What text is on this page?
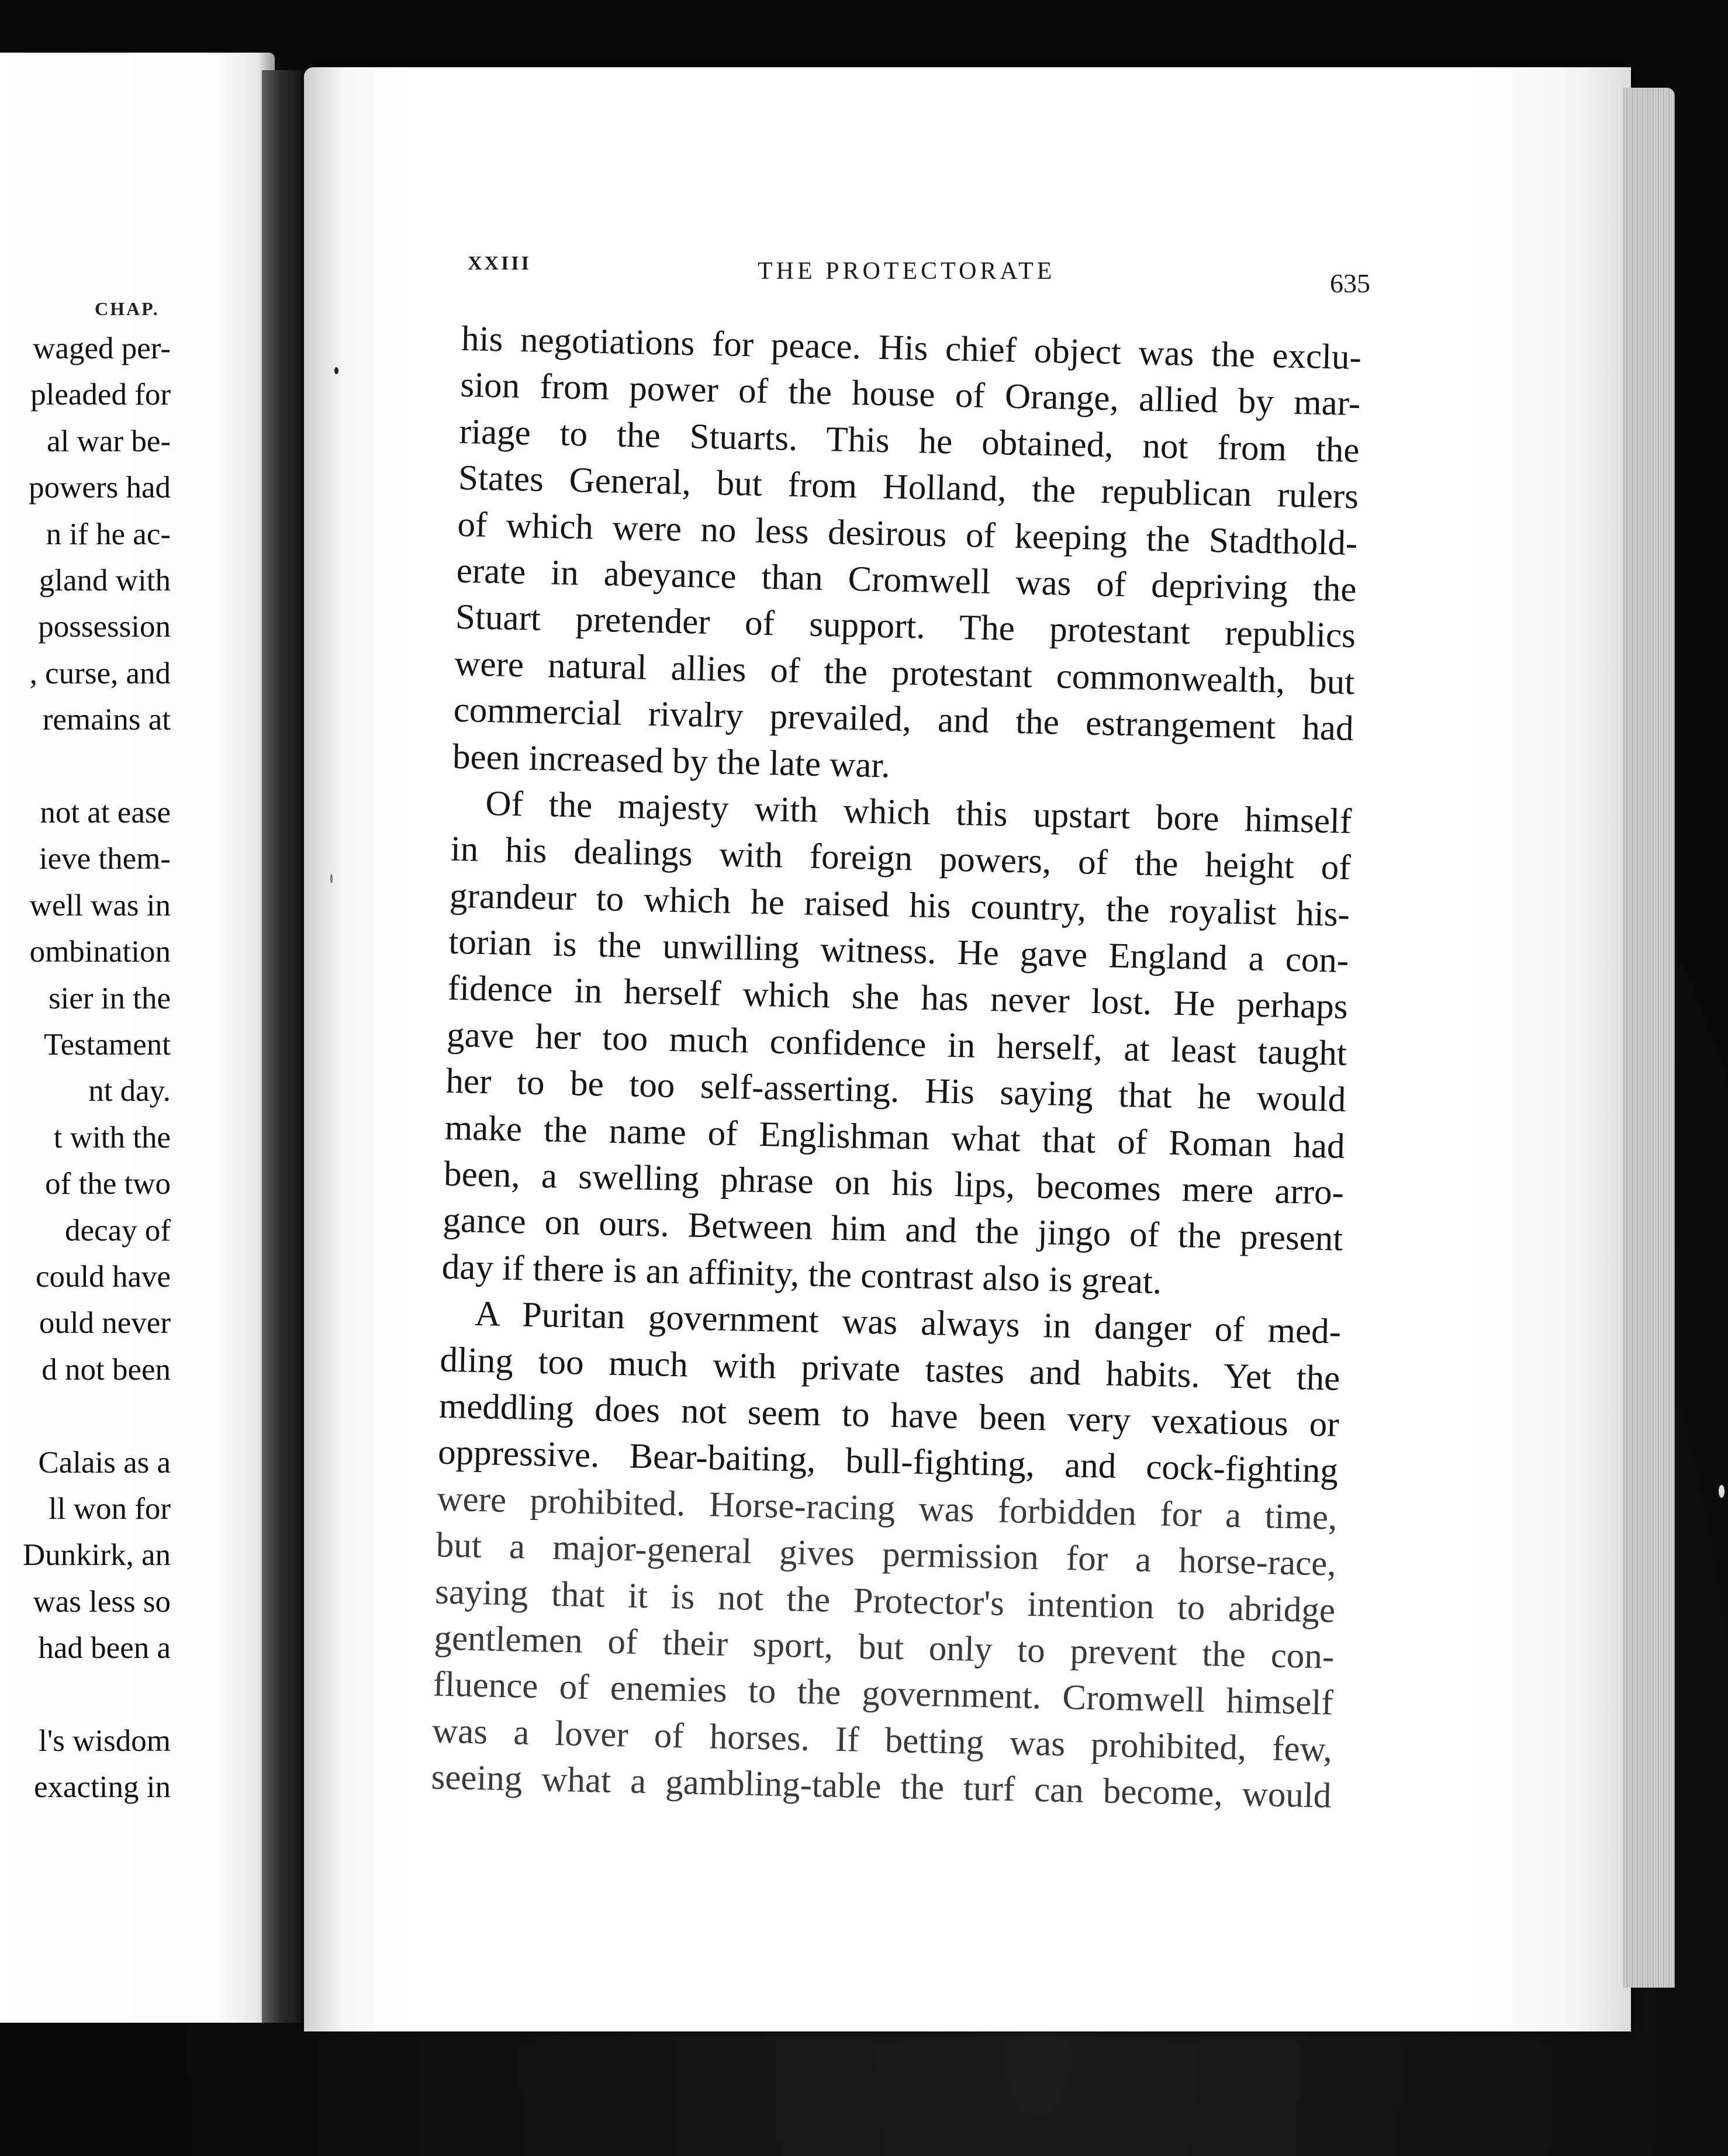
CHAP.
waged per-
pleaded for
al war be-
powers had
n if he ac-
gland with
possession
, curse, and
remains at
not at ease
ieve them-
well was in
ombination
sier in the
Testament
nt day.
t with the
of the two
decay of
could have
ould never
d not been
Calais as a
ll won for
Dunkirk, an
was less so
had been a
l's wisdom
exacting in
XXIII	THE PROTECTORATE	635
his negotiations for peace. His chief object was the exclu-
sion from power of the house of Orange, allied by mar-
riage to the Stuarts. This he obtained, not from the
States General, but from Holland, the republican rulers
of which were no less desirous of keeping the Stadthold-
erate in abeyance than Cromwell was of depriving the
Stuart pretender of support. The protestant republics
were natural allies of the protestant commonwealth, but
commercial rivalry prevailed, and the estrangement had
been increased by the late war.
Of the majesty with which this upstart bore himself
in his dealings with foreign powers, of the height of
grandeur to which he raised his country, the royalist his-
torian is the unwilling witness. He gave England a con-
fidence in herself which she has never lost. He perhaps
gave her too much confidence in herself, at least taught
her to be too self-asserting. His saying that he would
make the name of Englishman what that of Roman had
been, a swelling phrase on his lips, becomes mere arro-
gance on ours. Between him and the jingo of the present
day if there is an affinity, the contrast also is great.
A Puritan government was always in danger of med-
dling too much with private tastes and habits. Yet the
meddling does not seem to have been very vexatious or
oppressive. Bear-baiting, bull-fighting, and cock-fighting
were prohibited. Horse-racing was forbidden for a time,
but a major-general gives permission for a horse-race,
saying that it is not the Protector's intention to abridge
gentlemen of their sport, but only to prevent the con-
fluence of enemies to the government. Cromwell himself
was a lover of horses. If betting was prohibited, few,
seeing what a gambling-table the turf can become, would
